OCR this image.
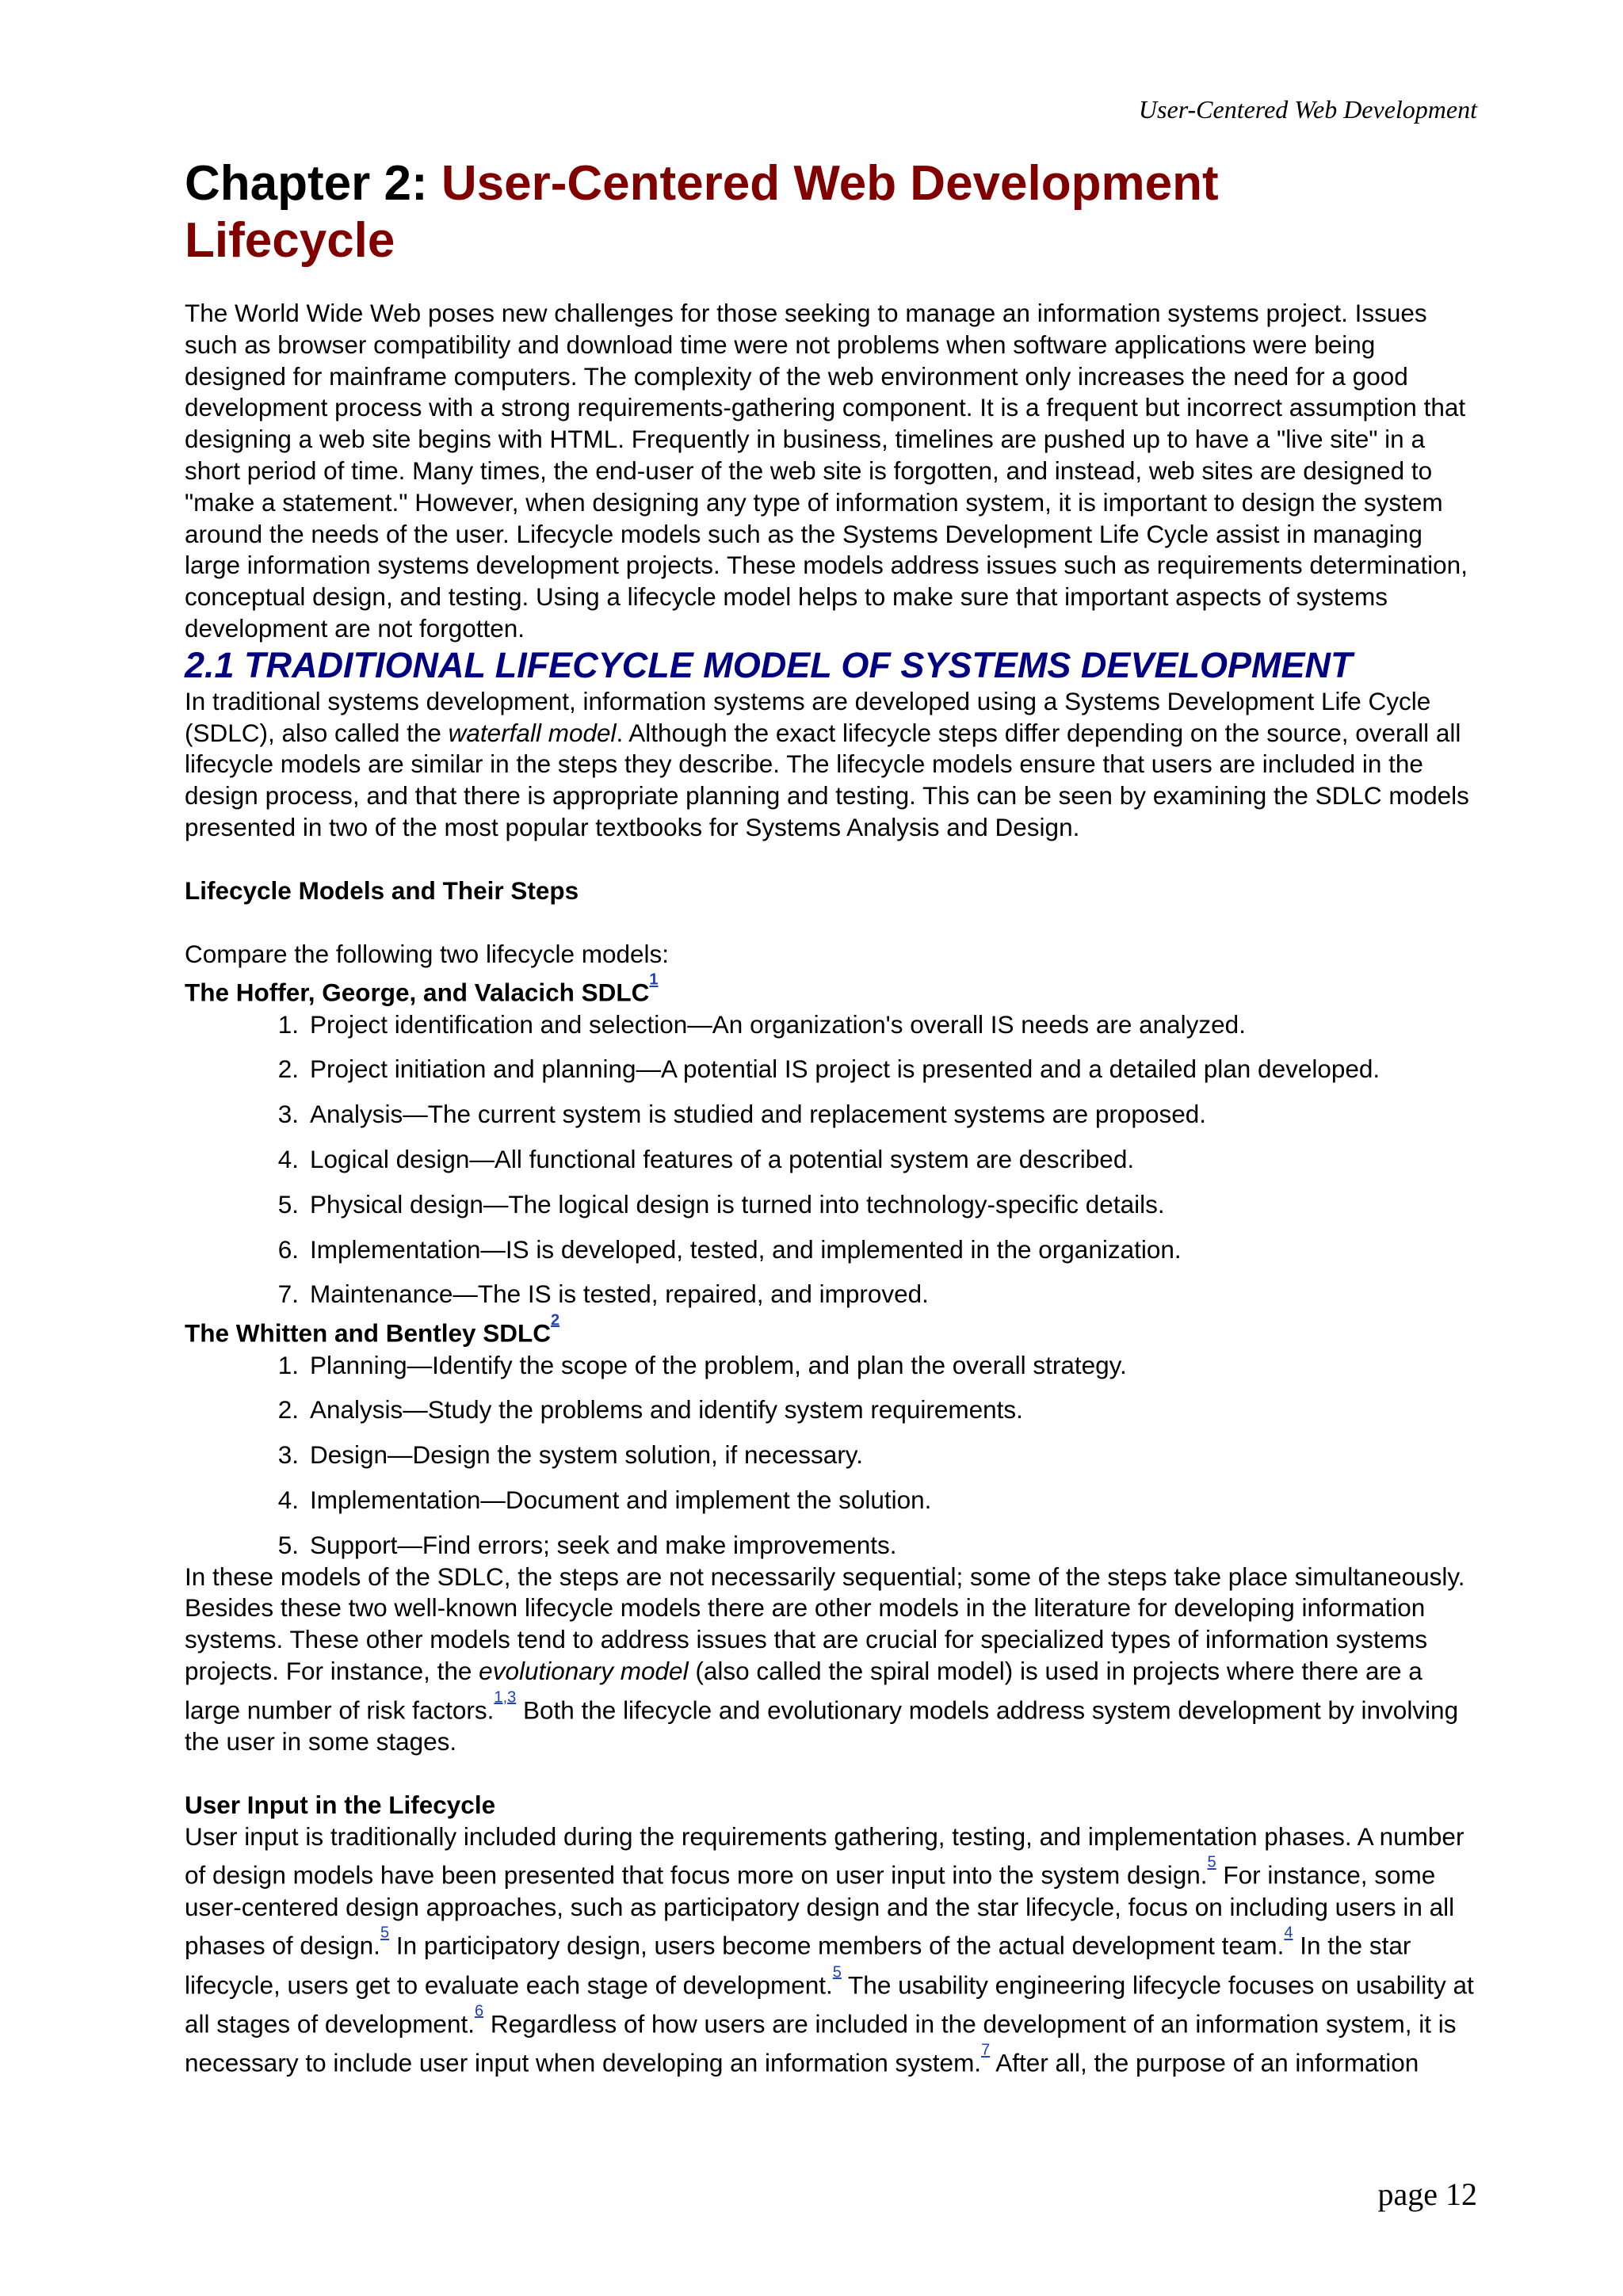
User-Centered Web Development
Chapter 2: User-Centered Web Development Lifecycle

The World Wide Web poses new challenges for those seeking to manage an information systems project. Issues such as browser compatibility and download time were not problems when software applications were being designed for mainframe computers. The complexity of the web environment only increases the need for a good development process with a strong requirements-gathering component. It is a frequent but incorrect assumption that designing a web site begins with HTML. Frequently in business, timelines are pushed up to have a "live site" in a short period of time. Many times, the end-user of the web site is forgotten, and instead, web sites are designed to "make a statement." However, when designing any type of information system, it is important to design the system around the needs of the user. Lifecycle models such as the Systems Development Life Cycle assist in managing large information systems development projects. These models address issues such as requirements determination, conceptual design, and testing. Using a lifecycle model helps to make sure that important aspects of systems development are not forgotten.

2.1 TRADITIONAL LIFECYCLE MODEL OF SYSTEMS DEVELOPMENT

In traditional systems development, information systems are developed using a Systems Development Life Cycle (SDLC), also called the waterfall model. Although the exact lifecycle steps differ depending on the source, overall all lifecycle models are similar in the steps they describe. The lifecycle models ensure that users are included in the design process, and that there is appropriate planning and testing. This can be seen by examining the SDLC models presented in two of the most popular textbooks for Systems Analysis and Design.

Lifecycle Models and Their Steps

Compare the following two lifecycle models:

The Hoffer, George, and Valacich SDLC$^{^1}$

1. Project identification and selection—An organization's overall IS needs are analyzed.
2. Project initiation and planning—A potential IS project is presented and a detailed plan developed.
3. Analysis—The current system is studied and replacement systems are proposed.
4. Logical design—All functional features of a potential system are described.
5. Physical design—The logical design is turned into technology-specific details.
6. Implementation—IS is developed, tested, and implemented in the organization.
7. Maintenance—The IS is tested, repaired, and improved.

The Whitten and Bentley SDLC$^{^2}$

1. Planning—Identify the scope of the problem, and plan the overall strategy.
2. Analysis—Study the problems and identify system requirements.
3. Design—Design the system solution, if necessary.
4. Implementation—Document and implement the solution.
5. Support—Find errors; seek and make improvements.

In these models of the SDLC, the steps are not necessarily sequential; some of the steps take place simultaneously. Besides these two well-known lifecycle models there are other models in the literature for developing information systems. These other models tend to address issues that are crucial for specialized types of information systems projects. For instance, the evolutionary model (also called the spiral model) is used in projects where there are a large number of risk factors.$^{^{1,3}}$ Both the lifecycle and evolutionary models address system development by involving the user in some stages.

User Input in the Lifecycle

User input is traditionally included during the requirements gathering, testing, and implementation phases. A number of design models have been presented that focus more on user input into the system design.$^{^5}$ For instance, some user-centered design approaches, such as participatory design and the star lifecycle, focus on including users in all phases of design.$^{^5}$ In participatory design, users become members of the actual development team.$^{^4}$ In the star lifecycle, users get to evaluate each stage of development.$^{^5}$ The usability engineering lifecycle focuses on usability at all stages of development.$^{^6}$ Regardless of how users are included in the development of an information system, it is necessary to include user input when developing an information system.$^{^7}$ After all, the purpose of an information

page 12
